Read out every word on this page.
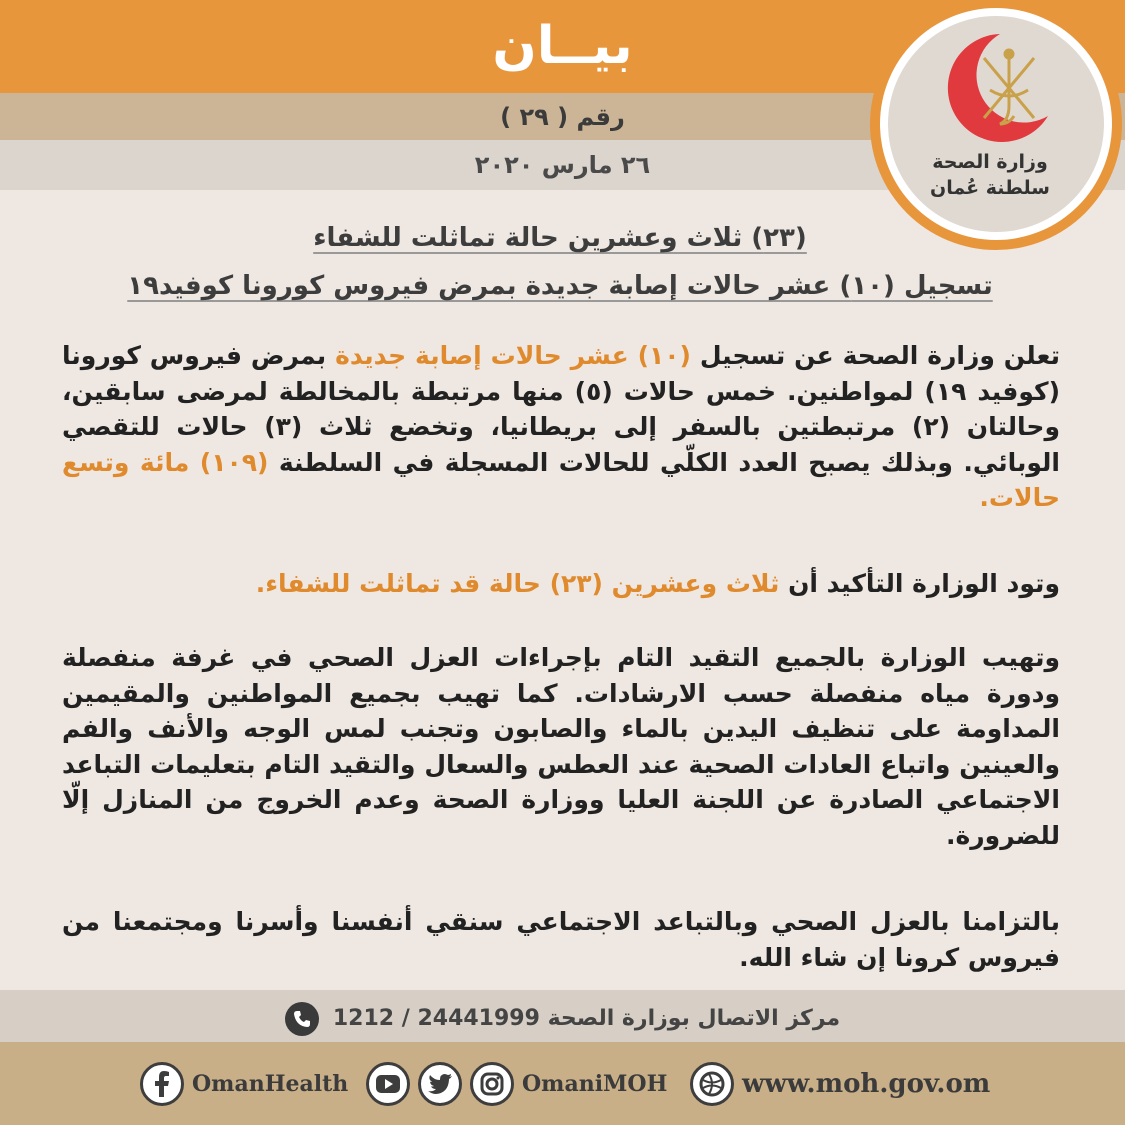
بيــان
رقم ( ٢٩ )
٢٦ مارس ٢٠٢٠	وزارة الصحة
سلطنة عُمان
(٢٣) ثلاث وعشرين حالة تماثلت للشفاء
تسجيل (١٠) عشر حالات إصابة جديدة بمرض فيروس كورونا كوفيد١٩

تعلن وزارة الصحة عن تسجيل (١٠) عشر حالات إصابة جديدة بمرض فيروس كورونا (كوفيد ١٩) لمواطنين. خمس حالات (٥) منها مرتبطة بالمخالطة لمرضى سابقين، وحالتان (٢) مرتبطتين بالسفر إلى بريطانيا، وتخضع ثلاث (٣) حالات للتقصي الوبائي. وبذلك يصبح العدد الكلّي للحالات المسجلة في السلطنة (١٠٩) مائة وتسع حالات.

وتود الوزارة التأكيد أن ثلاث وعشرين (٢٣) حالة قد تماثلت للشفاء.

وتهيب الوزارة بالجميع التقيد التام بإجراءات العزل الصحي في غرفة منفصلة ودورة مياه منفصلة حسب الارشادات. كما تهيب بجميع المواطنين والمقيمين المداومة على تنظيف اليدين بالماء والصابون وتجنب لمس الوجه والأنف والفم والعينين واتباع العادات الصحية عند العطس والسعال والتقيد التام بتعليمات التباعد الاجتماعي الصادرة عن اللجنة العليا ووزارة الصحة وعدم الخروج من المنازل إلّا للضرورة.

بالتزامنا بالعزل الصحي وبالتباعد الاجتماعي سنقي أنفسنا وأسرنا ومجتمعنا من فيروس كرونا إن شاء الله.

مركز الاتصال بوزارة الصحة 24441999 / 1212
OmanHealth	OmaniMOH	www.moh.gov.om
